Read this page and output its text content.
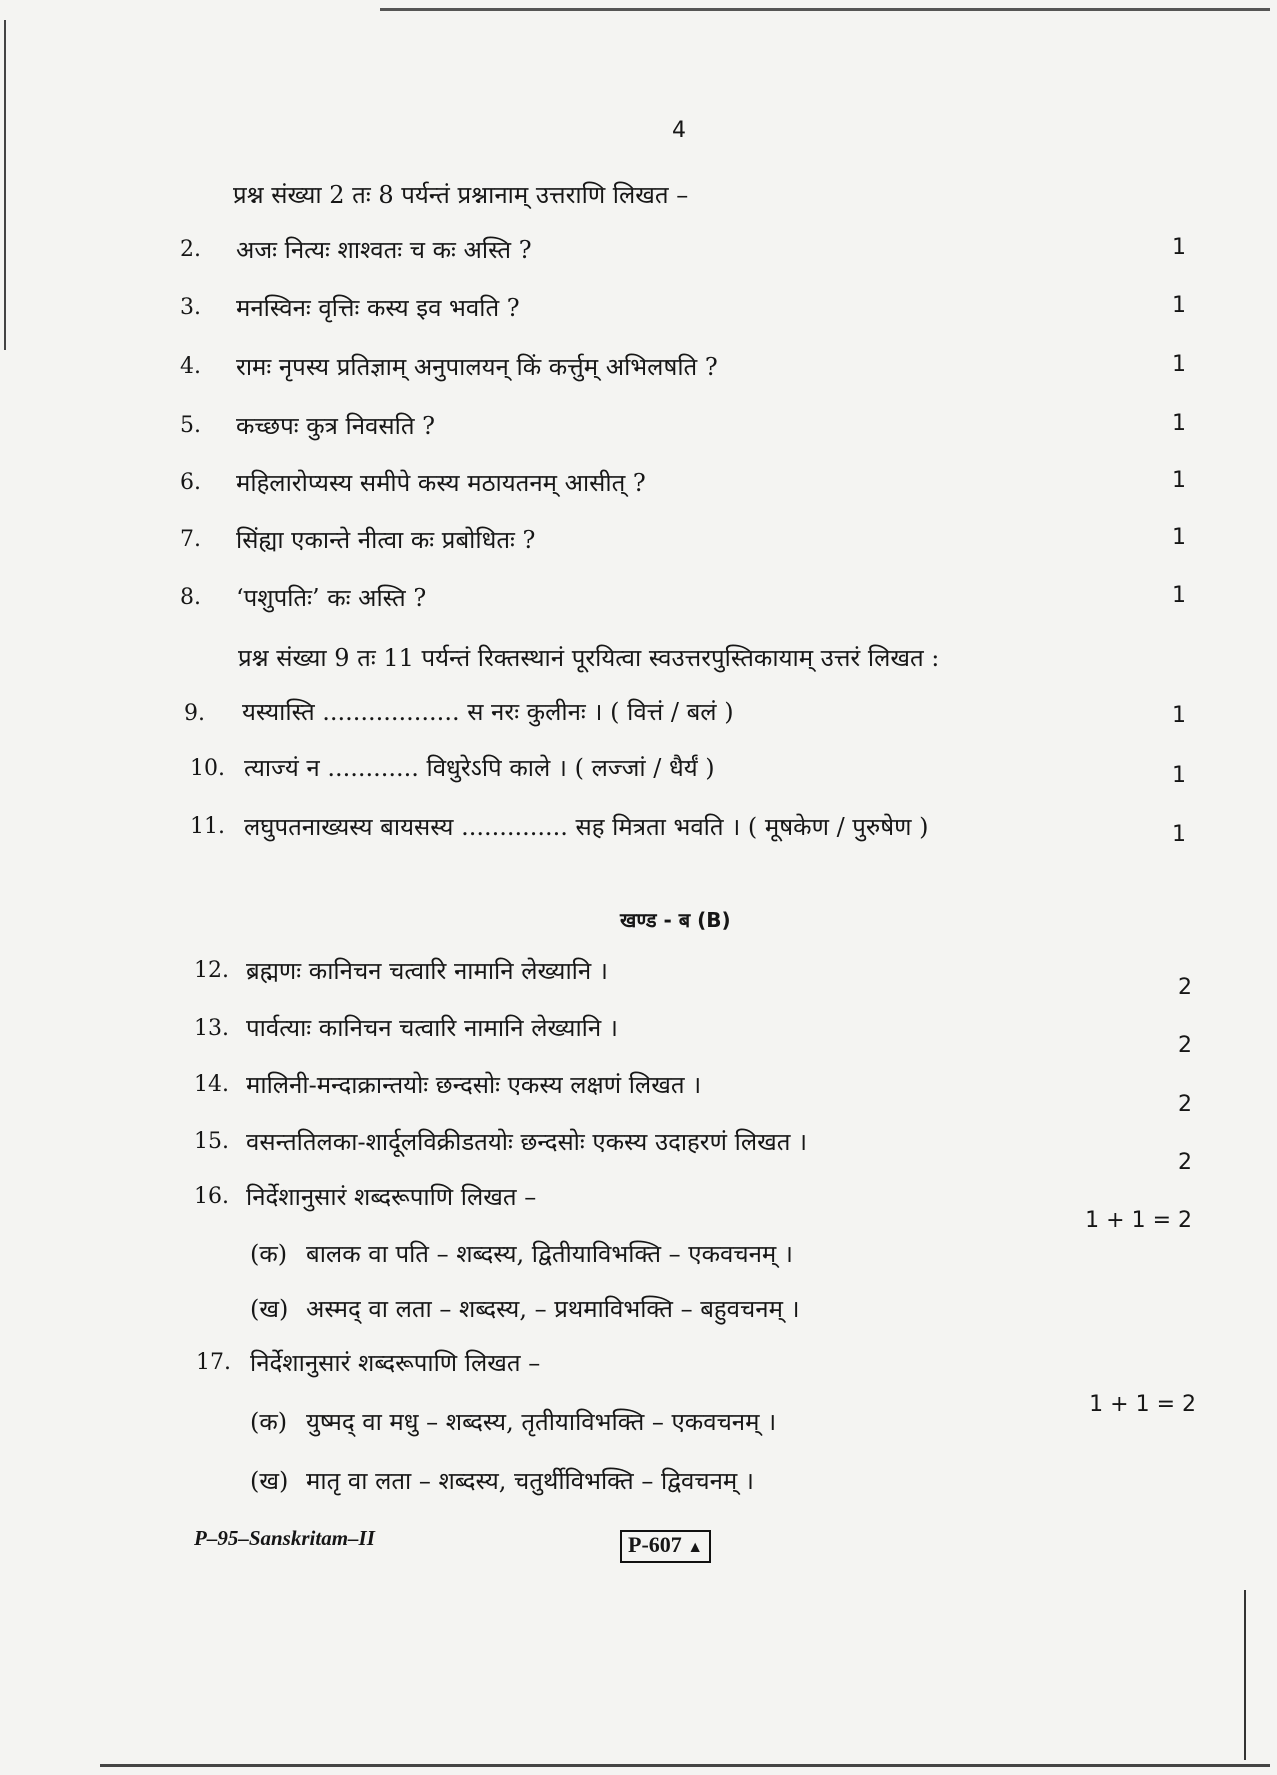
4
प्रश्न संख्या 2 तः 8 पर्यन्तं प्रश्नानाम् उत्तराणि लिखत –
2. अजः नित्यः शाश्वतः च कः अस्ति ?	1
3. मनस्विनः वृत्तिः कस्य इव भवति ?	1
4. रामः नृपस्य प्रतिज्ञाम् अनुपालयन् किं कर्त्तुम् अभिलषति ?	1
5. कच्छपः कुत्र निवसति ?	1
6. महिलारोप्यस्य समीपे कस्य मठायतनम् आसीत् ?	1
7. सिंह्या एकान्ते नीत्वा कः प्रबोधितः ?	1
8. ‘पशुपतिः’ कः अस्ति ?	1
प्रश्न संख्या 9 तः 11 पर्यन्तं रिक्तस्थानं पूरयित्वा स्वउत्तरपुस्तिकायाम् उत्तरं लिखत :
9. यस्यास्ति .................. स नरः कुलीनः । ( वित्तं / बलं )	1
10. त्याज्यं न ............ विधुरेऽपि काले । ( लज्जां / धैर्यं )	1
11. लघुपतनाख्यस्य बायसस्य .............. सह मित्रता भवति । ( मूषकेण / पुरुषेण )	1
खण्ड - ब (B)
12. ब्रह्मणः कानिचन चत्वारि नामानि लेख्यानि ।
2
13. पार्वत्याः कानिचन चत्वारि नामानि लेख्यानि ।
2
14. मालिनी-मन्दाक्रान्तयोः छन्दसोः एकस्य लक्षणं लिखत ।
2
15. वसन्ततिलका-शार्दूलविक्रीडतयोः छन्दसोः एकस्य उदाहरणं लिखत ।
2
16. निर्देशानुसारं शब्दरूपाणि लिखत –
1 + 1 = 2
(क) बालक वा पति – शब्दस्य, द्वितीयाविभक्ति – एकवचनम् ।
(ख) अस्मद् वा लता – शब्दस्य, – प्रथमाविभक्ति – बहुवचनम् ।
17. निर्देशानुसारं शब्दरूपाणि लिखत –
1 + 1 = 2
(क) युष्मद् वा मधु – शब्दस्य, तृतीयाविभक्ति – एकवचनम् ।
(ख) मातृ वा लता – शब्दस्य, चतुर्थीविभक्ति – द्विवचनम् ।
P–95–Sanskritam–II	P-607 ▲
